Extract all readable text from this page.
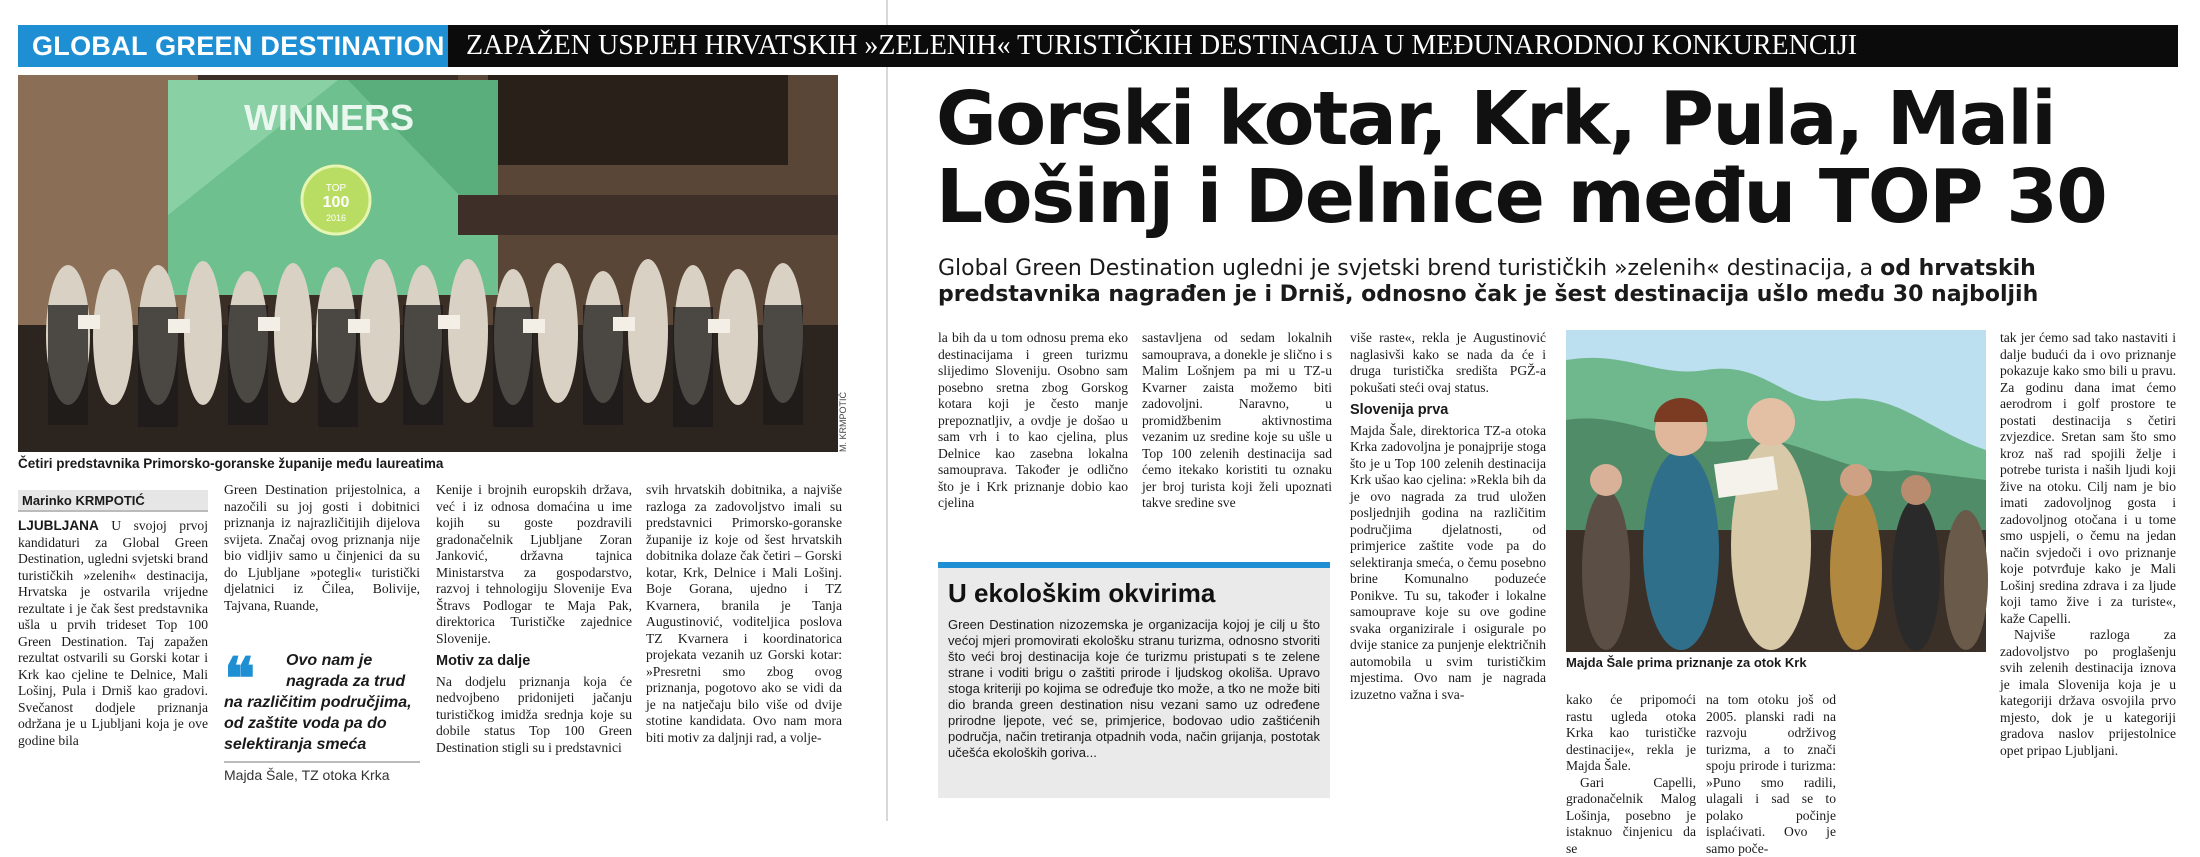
GLOBAL GREEN DESTINATION ZAPAŽEN USPJEH HRVATSKIH »ZELENIH« TURISTIČKIH DESTINACIJA U MEĐUNARODNOJ KONKURENCIJI
WINNERS
TOP
100
2016
M. KRMPOTIĆ
Četiri predstavnika Primorsko-goranske županije među laureatima
Marinko KRMPOTIĆ
LJUBLJANA U svojoj prvoj kandidaturi za Global Green Destination, ugledni svjetski brand turističkih »zelenih« destinacija, Hrvatska je ostvarila vrijedne rezultate i je čak šest predstavnika ušla u prvih trideset Top 100 Green Destination. Taj zapažen rezultat ostvarili su Gorski kotar i Krk kao cjeline te Delnice, Mali Lošinj, Pula i Drniš kao gradovi. Svečanost dodjele priznanja održana je u Ljubljani koja je ove godine bila
Green Destination prijestolnica, a nazočili su joj gosti i dobitnici priznanja iz najrazličitijih dijelova svijeta. Značaj ovog priznanja nije bio vidljiv samo u činjenici da su do Ljubljane »potegli« turistički djelatnici iz Čilea, Bolivije, Tajvana, Ruande,
❝ Ovo nam je nagrada za trud
na različitim područjima, od zaštite voda pa do selektiranja smeća
Majda Šale, TZ otoka Krka
Kenije i brojnih europskih država, već i iz odnosa domaćina u ime kojih su goste pozdravili gradonačelnik Ljubljane Zoran Janković, državna tajnica Ministarstva za gospodarstvo, razvoj i tehnologiju Slovenije Eva Štravs Podlogar te Maja Pak, direktorica Turističke zajednice Slovenije.
Motiv za dalje
Na dodjelu priznanja koja će nedvojbeno pridonijeti jačanju turističkog imidža srednja koje su dobile status Top 100 Green Destination stigli su i predstavnici
svih hrvatskih dobitnika, a najviše razloga za zadovoljstvo imali su predstavnici Primorsko-goranske županije iz koje od šest hrvatskih dobitnika dolaze čak četiri – Gorski kotar, Krk, Delnice i Mali Lošinj. Boje Gorana, ujedno i TZ Kvarnera, branila je Tanja Augustinović, voditeljica poslova TZ Kvarnera i koordinatorica projekata vezanih uz Gorski kotar: »Presretni smo zbog ovog priznanja, pogotovo ako se vidi da je na natječaju bilo više od dvije stotine kandidata. Ovo nam mora biti motiv za daljnji rad, a volje-
Gorski kotar, Krk, Pula, Mali Lošinj i Delnice među TOP 30
Global Green Destination ugledni je svjetski brend turističkih »zelenih« destinacija, a od hrvatskih predstavnika nagrađen je i Drniš, odnosno čak je šest destinacija ušlo među 30 najboljih
la bih da u tom odnosu premа eko destinacijama i green turizmu slijedimo Sloveniju. Osobno sam posebno sretna zbog Gorskog kotara koji je često manje prepoznatljiv, a ovdje je došao u sam vrh i to kao cjelina, plus Delnice kao zasebna lokalna samouprava. Također je odlično što je i Krk priznanje dobio kao cjelina
sastavljena od sedam lokalnih samouprava, a donekle je slično i s Malim Lošnjem pa mi u TZ-u Kvarner zaista možemo biti zadovoljni. Naravno, u promidžbenim aktivnostima vezanim uz sredine koje su ušle u Top 100 zelenih destinacija sad ćemo itekako koristiti tu oznaku jer broj turista koji želi upoznati takve sredine sve
U ekološkim okvirima
Green Destination nizozemska je organizacija kojoj je cilj u što većoj mjeri promovirati ekološku stranu turizma, odnosno stvoriti što veći broj destinacija koje će turizmu pristupati s te zelene strane i voditi brigu o zaštiti prirode i ljudskog okoliša. Upravo stoga kriteriji po kojima se određuje tko može, a tko ne može biti dio branda green destination nisu vezani samo uz određene prirodne ljepote, već se, primjerice, bodovao udio zaštićenih područja, način tretiranja otpadnih voda, način grijanja, postotak učešća ekoloških goriva...
više raste«, rekla je Augustinović naglasivši kako se nada da će i druga turistička središta PGŽ-a pokušati steći ovaj status.
Slovenija prva
Majda Šale, direktorica TZ-a otoka Krka zadovoljna je ponajprije stoga što je u Top 100 zelenih destinacija Krk ušao kao cjelina: »Rekla bih da je ovo nagrada za trud uložen posljednjih godina na različitim područjima djelatnosti, od primjerice zaštite vode pa do selektiranja smeća, o čemu posebno brine Komunalno poduzeće Ponikve. Tu su, također i lokalne samouprave koje su ove godine svaka organizirale i osigurale po dvije stanice za punjenje električnih automobila u svim turističkim mjestima. Ovo nam je nagrada izuzetno važna i sva-
Majda Šale prima priznanje za otok Krk
kako će pripomoći rastu ugleda otoka Krka kao turističke destinacije«, rekla je Majda Šale.
Gari Capelli, gradonačelnik Malog Lošinja, posebno je istaknuo činjenicu da se
na tom otoku još od 2005. planski radi na razvoju održivog turizma, a to znači spoju prirode i turizma: »Puno smo radili, ulagali i sad se to polako počinje isplaćivati. Ovo je samo poče-
tak jer ćemo sad tako nastaviti i dalje budući da i ovo priznanje pokazuje kako smo bili u pravu. Za godinu dana imat ćemo aerodrom i golf prostore te postati destinacija s četiri zvjezdice. Sretan sam što smo kroz naš rad spojili želje i potrebe turista i naših ljudi koji žive na otoku. Cilj nam je bio imati zadovoljnog gosta i zadovoljnog otočana i u tome smo uspjeli, o čemu na jedan način svjedoči i ovo priznanje koje potvrđuje kako je Mali Lošinj sredina zdrava i za ljude koji tamo žive i za turiste«, kaže Capelli.
Najviše razloga za zadovoljstvo po proglašenju svih zelenih destinacija iznova je imala Slovenija koja je u kategoriji država osvojila prvo mjesto, dok je u kategoriji gradova naslov prijestolnice opet pripao Ljubljani.
